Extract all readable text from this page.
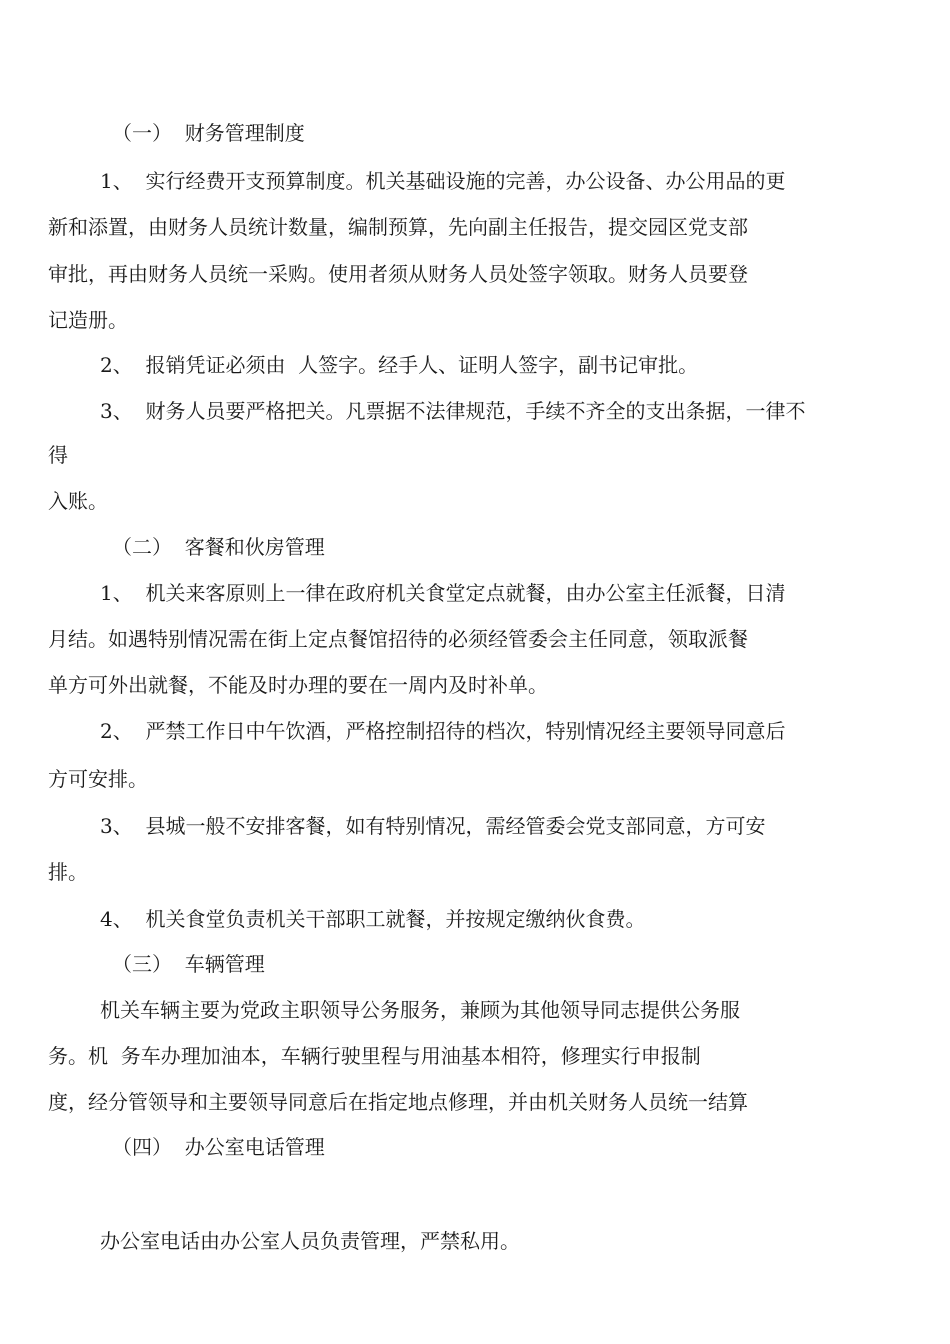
（一）  财务管理制度
1、  实行经费开支预算制度。机关基础设施的完善，办公设备、办公用品的更
新和添置，由财务人员统计数量，编制预算，先向副主任报告，提交园区党支部
审批，再由财务人员统一采购。使用者须从财务人员处签字领取。财务人员要登
记造册。
2、  报销凭证必须由  人签字。经手人、证明人签字，副书记审批。
3、  财务人员要严格把关。凡票据不法律规范，手续不齐全的支出条据，一律不
得
入账。
（二）  客餐和伙房管理
1、  机关来客原则上一律在政府机关食堂定点就餐，由办公室主任派餐，日清
月结。如遇特别情况需在街上定点餐馆招待的必须经管委会主任同意，领取派餐
单方可外出就餐，不能及时办理的要在一周内及时补单。
2、  严禁工作日中午饮酒，严格控制招待的档次，特别情况经主要领导同意后
方可安排。
3、  县城一般不安排客餐，如有特别情况，需经管委会党支部同意，方可安
排。
4、  机关食堂负责机关干部职工就餐，并按规定缴纳伙食费。
（三）  车辆管理
机关车辆主要为党政主职领导公务服务，兼顾为其他领导同志提供公务服
务。机  务车办理加油本，车辆行驶里程与用油基本相符，修理实行申报制
度，经分管领导和主要领导同意后在指定地点修理，并由机关财务人员统一结算
（四）  办公室电话管理
办公室电话由办公室人员负责管理，严禁私用。
